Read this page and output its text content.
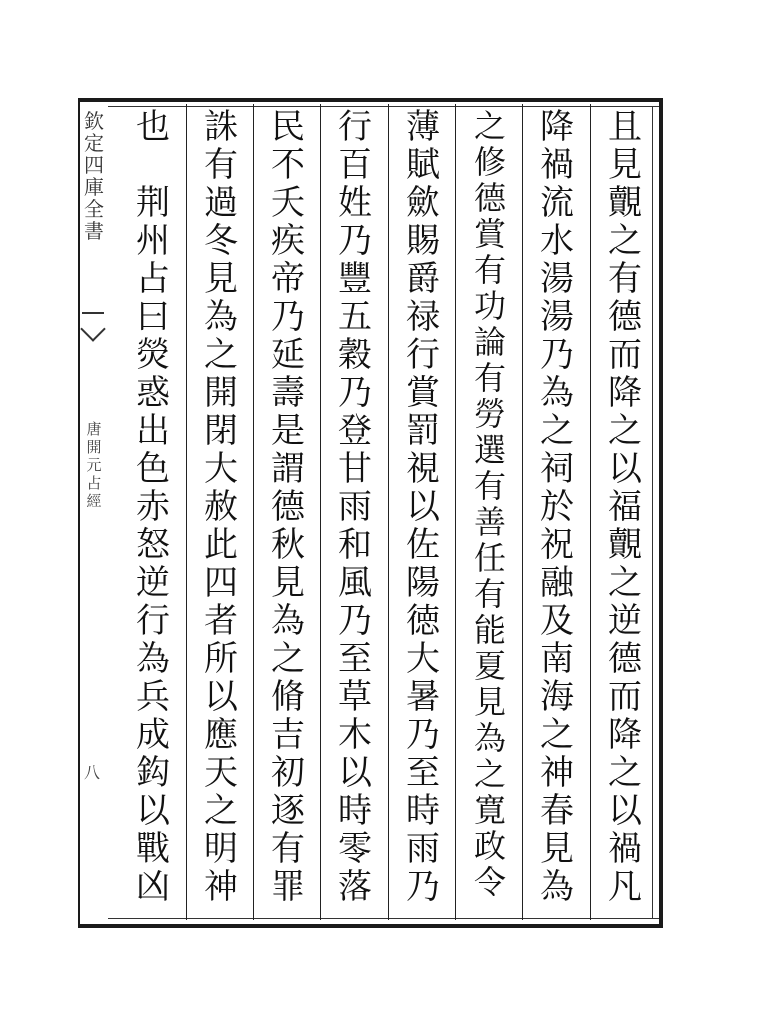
欽
定
四
庫
全
書
唐
開
元
占
經
八
且
見
覿
之
有
德
而
降
之
以
福
覿
之
逆
德
而
降
之
以
禍
凡
降
禍
流
水
湯
湯
乃
為
之
祠
於
祝
融
及
南
海
之
神
春
見
為
之
修
德
賞
有
功
論
有
勞
選
有
善
任
有
能
夏
見
為
之
寛
政
令
薄
賦
歛
賜
爵
禄
行
賞
罰
視
以
佐
陽
徳
大
暑
乃
至
時
雨
乃
行
百
姓
乃
豐
五
穀
乃
登
甘
雨
和
風
乃
至
草
木
以
時
零
落
民
不
夭
疾
帝
乃
延
壽
是
謂
德
秋
見
為
之
脩
吉
初
逐
有
罪
誅
有
過
冬
見
為
之
開
閉
大
赦
此
四
者
所
以
應
天
之
明
神
也

荆
州
占
曰
熒
惑
出
色
赤
怒
逆
行
為
兵
成
鈎
以
戰
凶
